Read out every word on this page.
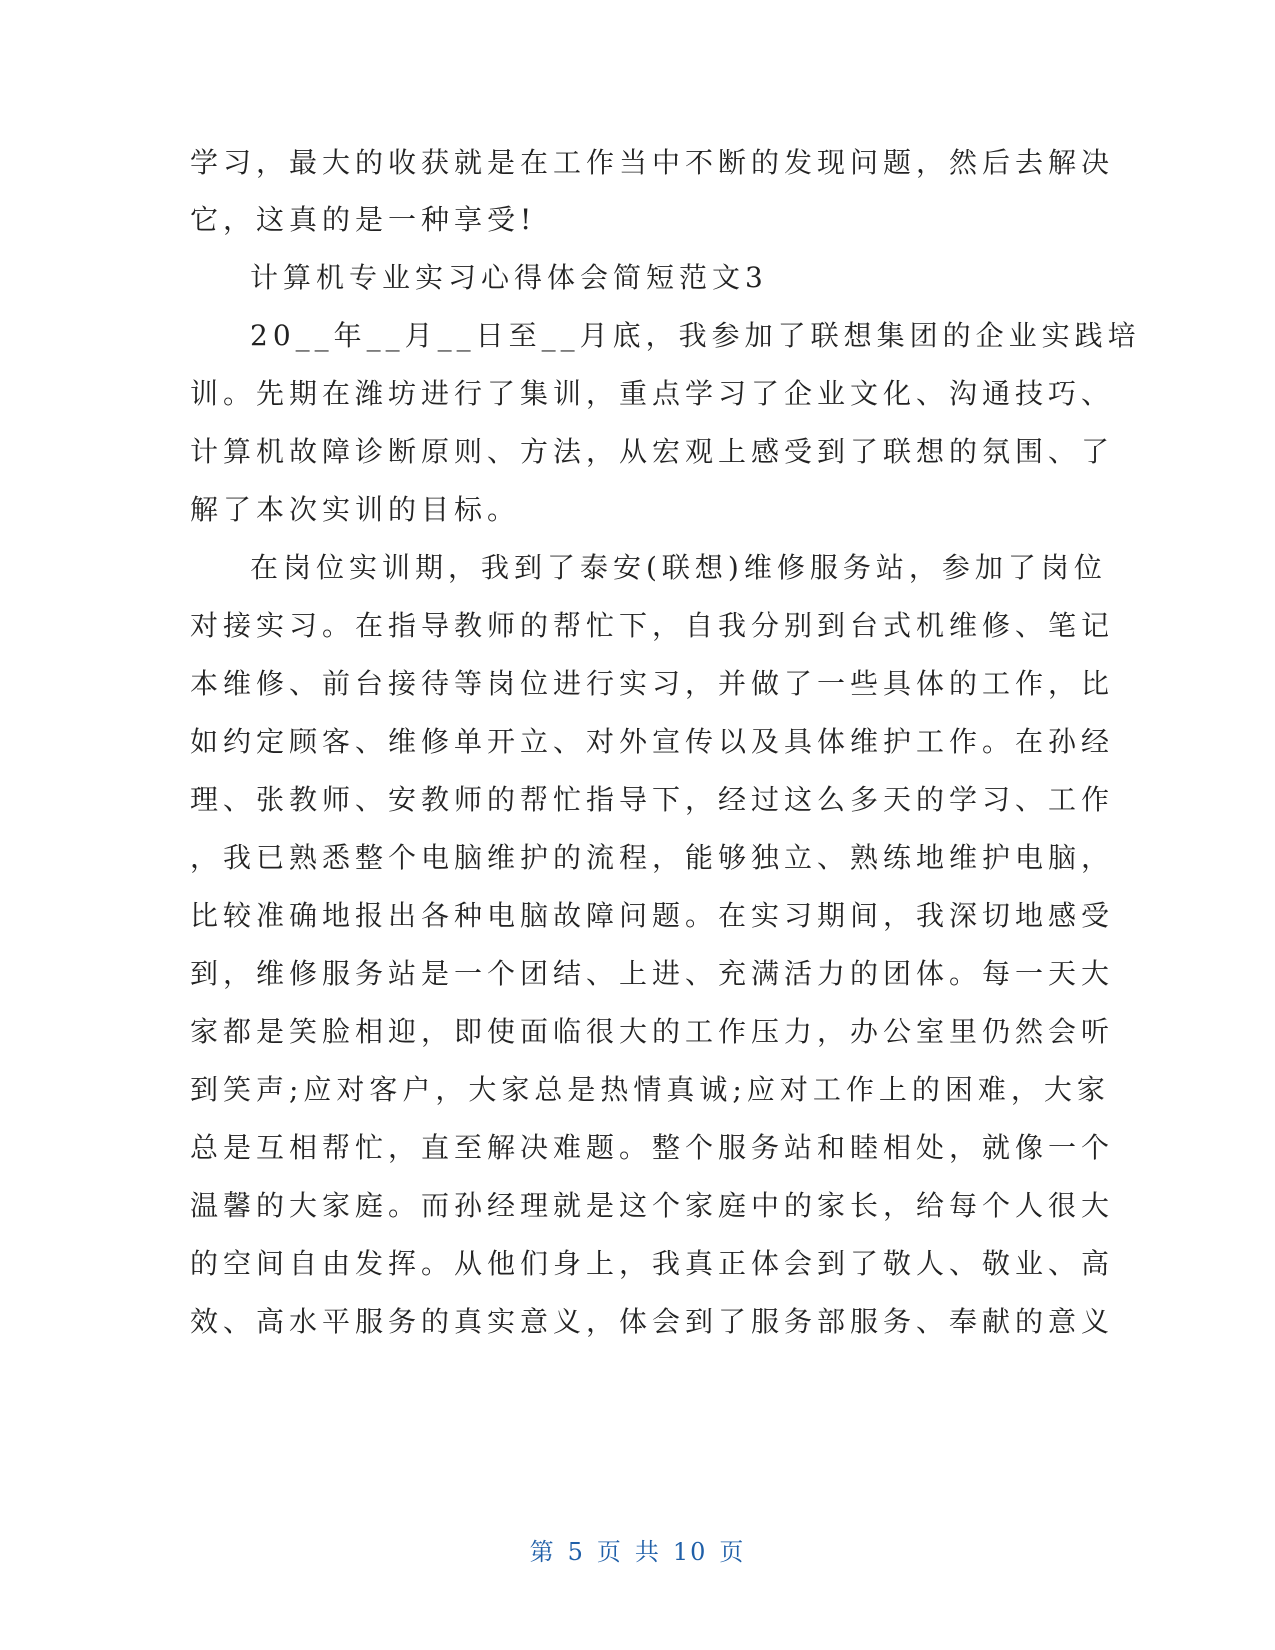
学习，最大的收获就是在工作当中不断的发现问题，然后去解决
它，这真的是一种享受!
计算机专业实习心得体会简短范文3
20__年__月__日至__月底，我参加了联想集团的企业实践培
训。先期在潍坊进行了集训，重点学习了企业文化、沟通技巧、
计算机故障诊断原则、方法，从宏观上感受到了联想的氛围、了
解了本次实训的目标。
在岗位实训期，我到了泰安(联想)维修服务站，参加了岗位
对接实习。在指导教师的帮忙下，自我分别到台式机维修、笔记
本维修、前台接待等岗位进行实习，并做了一些具体的工作，比
如约定顾客、维修单开立、对外宣传以及具体维护工作。在孙经
理、张教师、安教师的帮忙指导下，经过这么多天的学习、工作
，我已熟悉整个电脑维护的流程，能够独立、熟练地维护电脑，
比较准确地报出各种电脑故障问题。在实习期间，我深切地感受
到，维修服务站是一个团结、上进、充满活力的团体。每一天大
家都是笑脸相迎，即使面临很大的工作压力，办公室里仍然会听
到笑声;应对客户，大家总是热情真诚;应对工作上的困难，大家
总是互相帮忙，直至解决难题。整个服务站和睦相处，就像一个
温馨的大家庭。而孙经理就是这个家庭中的家长，给每个人很大
的空间自由发挥。从他们身上，我真正体会到了敬人、敬业、高
效、高水平服务的真实意义，体会到了服务部服务、奉献的意义
第 5 页 共 10 页
